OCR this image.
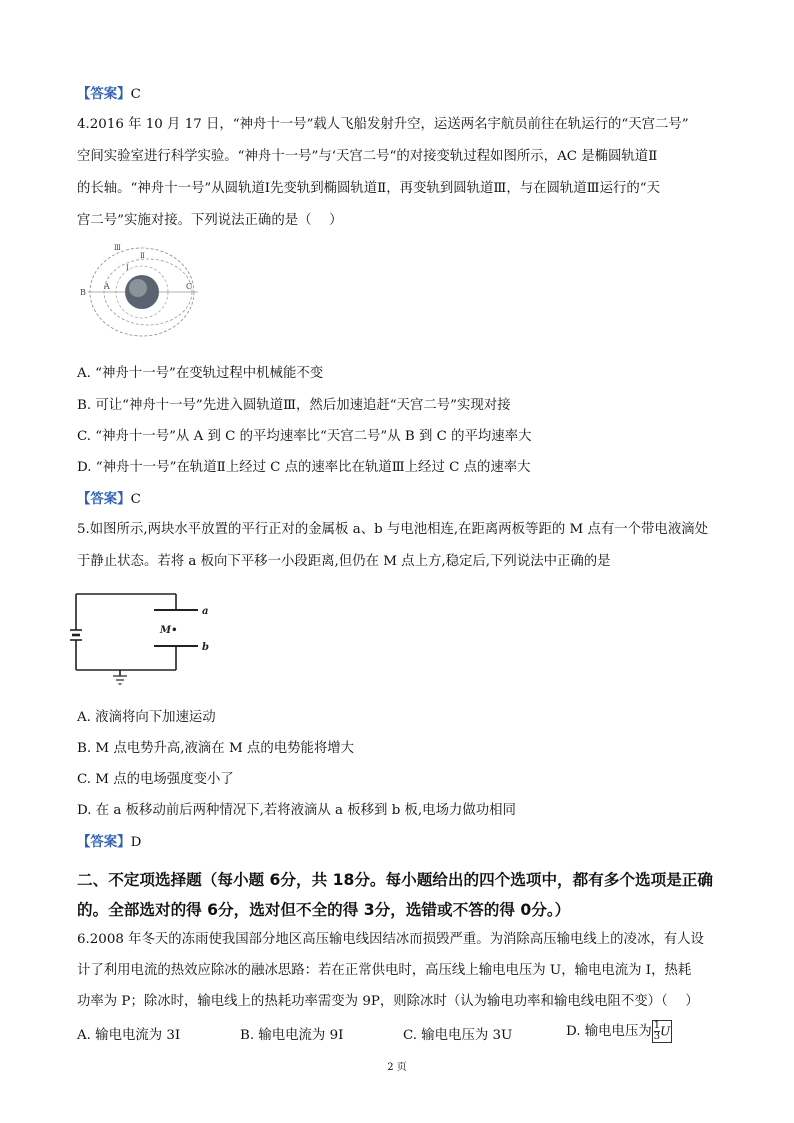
【答案】C
4.2016 年 10 月 17 日，“神舟十一号”载人飞船发射升空，运送两名宇航员前往在轨运行的“天宫二号”
空间实验室进行科学实验。“神舟十一号”与‘天宫二号“的对接变轨过程如图所示，AC 是椭圆轨道Ⅱ
的长轴。“神舟十一号”从圆轨道Ⅰ先变轨到椭圆轨道Ⅱ，再变轨到圆轨道Ⅲ，与在圆轨道Ⅲ运行的“天
宫二号”实施对接。下列说法正确的是（　 ）
B
A	C
Ⅲ
Ⅱ
Ⅰ
A. “神舟十一号”在变轨过程中机械能不变
B. 可让“神舟十一号”先进入圆轨道Ⅲ，然后加速追赶“天宫二号”实现对接
C. “神舟十一号”从 A 到 C 的平均速率比“天宫二号”从 B 到 C 的平均速率大
D. “神舟十一号”在轨道Ⅱ上经过 C 点的速率比在轨道Ⅲ上经过 C 点的速率大
【答案】C
5.如图所示,两块水平放置的平行正对的金属板 a、b 与电池相连,在距离两板等距的 M 点有一个带电液滴处
于静止状态。若将 a 板向下平移一小段距离,但仍在 M 点上方,稳定后,下列说法中正确的是
a
b
M•
A. 液滴将向下加速运动
B. M 点电势升高,液滴在 M 点的电势能将增大
C. M 点的电场强度变小了
D. 在 a 板移动前后两种情况下,若将液滴从 a 板移到 b 板,电场力做功相同
【答案】D
二、不定项选择题（每小题 6分，共 18分。每小题给出的四个选项中，都有多个选项是正确
的。全部选对的得 6分，选对但不全的得 3分，选错或不答的得 0分。）
6.2008 年冬天的冻雨使我国部分地区高压输电线因结冰而损毁严重。为消除高压输电线上的凌冰，有人设
计了利用电流的热效应除冰的融冰思路：若在正常供电时，高压线上输电电压为 U，输电电流为 I，热耗
功率为 P；除冰时，输电线上的热耗功率需变为 9P，则除冰时（认为输电功率和输电线电阻不变）（　 ）
A. 输电电流为 3I	B. 输电电流为 9I	C. 输电电压为 3U	D. 输电电压为 $\frac{1}{3}$ U
2 页
